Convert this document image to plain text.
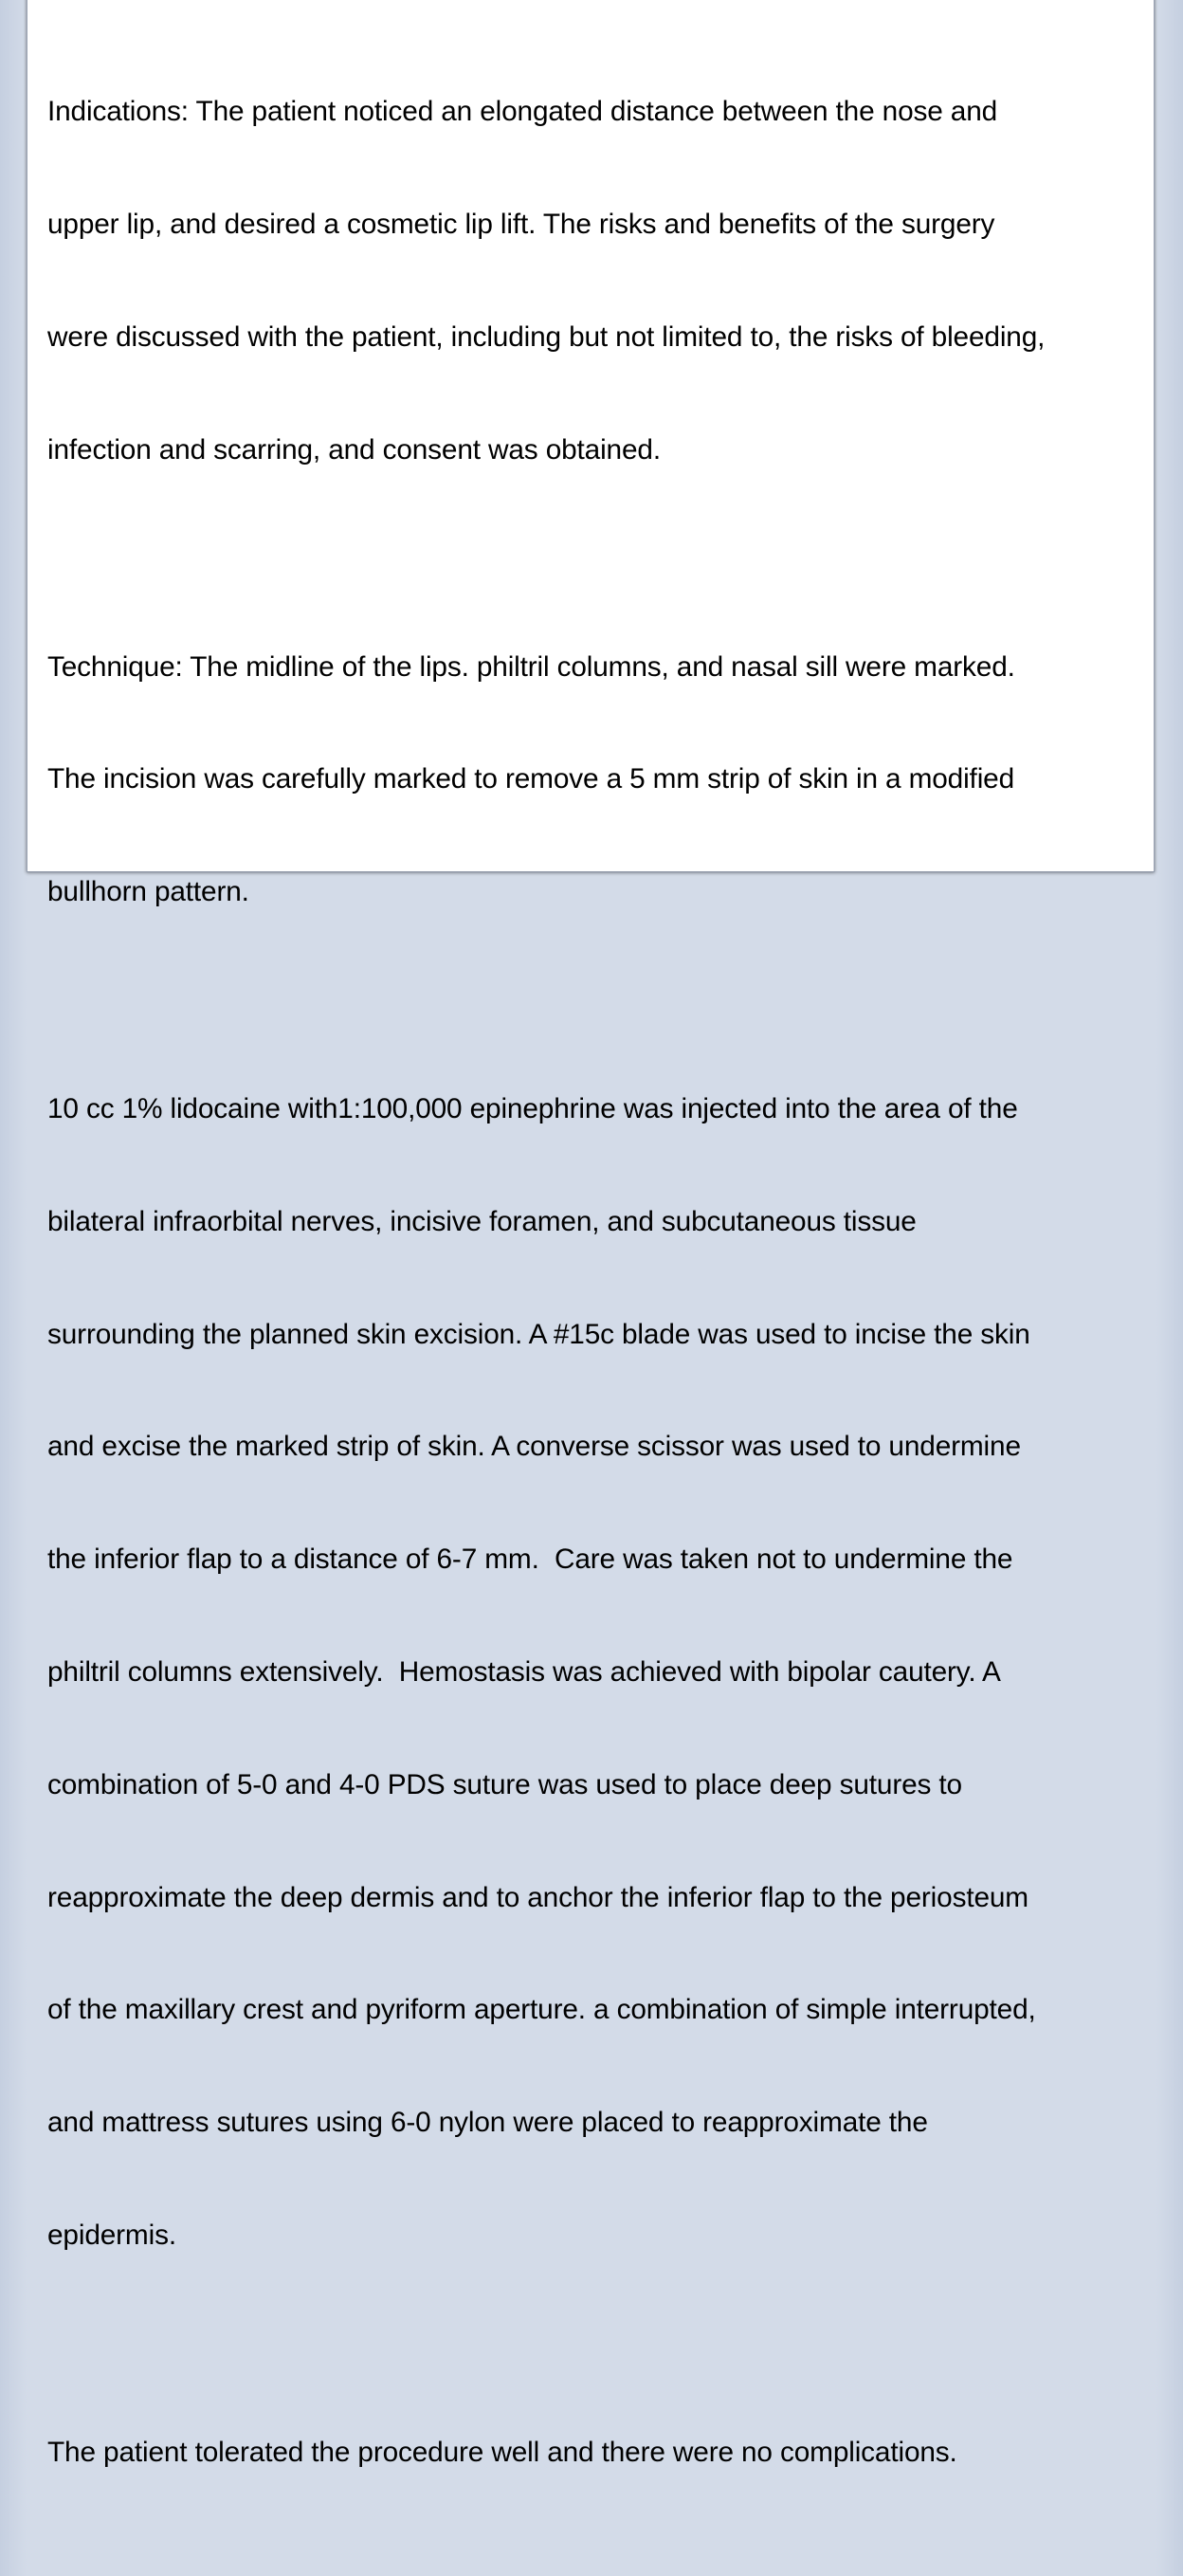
Indications: The patient noticed an elongated distance between the nose and

upper lip, and desired a cosmetic lip lift. The risks and benefits of the surgery

were discussed with the patient, including but not limited to, the risks of bleeding,

infection and scarring, and consent was obtained.

Technique: The midline of the lips. philtril columns, and nasal sill were marked.

The incision was carefully marked to remove a 5 mm strip of skin in a modified

bullhorn pattern.

10 cc 1% lidocaine with1:100,000 epinephrine was injected into the area of the

bilateral infraorbital nerves, incisive foramen, and subcutaneous tissue

surrounding the planned skin excision. A #15c blade was used to incise the skin

and excise the marked strip of skin. A converse scissor was used to undermine

the inferior flap to a distance of 6-7 mm.  Care was taken not to undermine the

philtril columns extensively.  Hemostasis was achieved with bipolar cautery. A

combination of 5-0 and 4-0 PDS suture was used to place deep sutures to

reapproximate the deep dermis and to anchor the inferior flap to the periosteum

of the maxillary crest and pyriform aperture. a combination of simple interrupted,

and mattress sutures using 6-0 nylon were placed to reapproximate the

epidermis.

The patient tolerated the procedure well and there were no complications.
